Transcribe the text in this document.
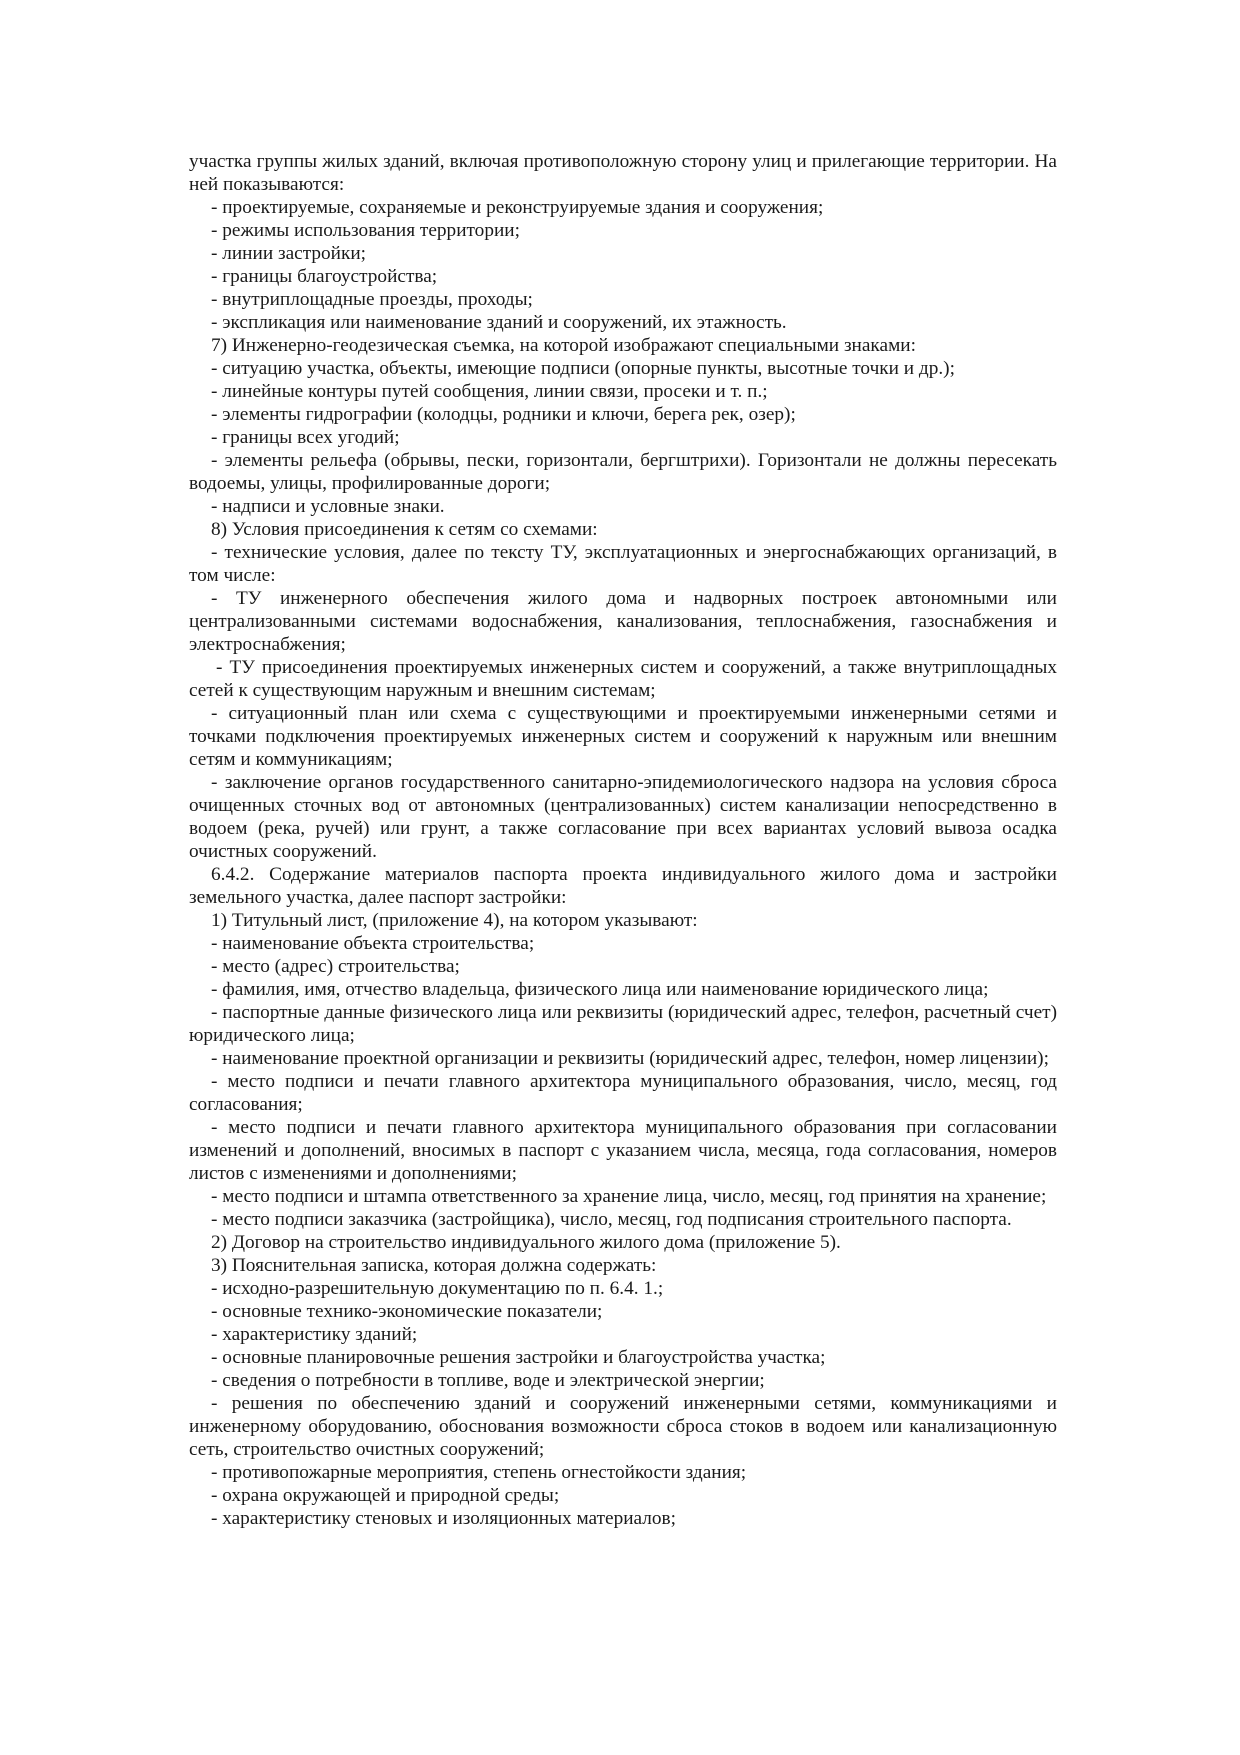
участка группы жилых зданий, включая противоположную сторону улиц и прилегающие территории. На ней показываются:

- проектируемые, сохраняемые и реконструируемые здания и сооружения;

- режимы использования территории;

- линии застройки;

- границы благоустройства;

- внутриплощадные проезды, проходы;

- экспликация или наименование зданий и сооружений, их этажность.

7) Инженерно-геодезическая съемка, на которой изображают специальными знаками:

- ситуацию участка, объекты, имеющие подписи (опорные пункты, высотные точки и др.);

- линейные контуры путей сообщения, линии связи, просеки и т. п.;

- элементы гидрографии (колодцы, родники и ключи, берега рек, озер);

- границы всех угодий;

- элементы рельефа (обрывы, пески, горизонтали, бергштрихи). Горизонтали не должны пересекать водоемы, улицы, профилированные дороги;

- надписи и условные знаки.

8) Условия присоединения к сетям со схемами:

- технические условия, далее по тексту ТУ, эксплуатационных и энергоснабжающих организаций, в том числе:

- ТУ инженерного обеспечения жилого дома и надворных построек автономными или централизованными системами водоснабжения, канализования, теплоснабжения, газоснабжения и электроснабжения;

- ТУ присоединения проектируемых инженерных систем и сооружений, а также внутриплощадных сетей к существующим наружным и внешним системам;

- ситуационный план или схема с существующими и проектируемыми инженерными сетями и точками подключения проектируемых инженерных систем и сооружений к наружным или внешним сетям и коммуникациям;

- заключение органов государственного санитарно-эпидемиологического надзора на условия сброса очищенных сточных вод от автономных (централизованных) систем канализации непосредственно в водоем (река, ручей) или грунт, а также согласование при всех вариантах условий вывоза осадка очистных сооружений.

6.4.2. Содержание материалов паспорта проекта индивидуального жилого дома и застройки земельного участка, далее паспорт застройки:

1) Титульный лист, (приложение 4), на котором указывают:

- наименование объекта строительства;

- место (адрес) строительства;

- фамилия, имя, отчество владельца, физического лица или наименование юридического лица;

- паспортные данные физического лица или реквизиты (юридический адрес, телефон, расчетный счет) юридического лица;

- наименование проектной организации и реквизиты (юридический адрес, телефон, номер лицензии);

- место подписи и печати главного архитектора муниципального образования, число, месяц, год согласования;

- место подписи и печати главного архитектора муниципального образования при согласовании изменений и дополнений, вносимых в паспорт с указанием числа, месяца, года согласования, номеров листов с изменениями и дополнениями;

- место подписи и штампа ответственного за хранение лица, число, месяц, год принятия на хранение;

- место подписи заказчика (застройщика), число, месяц, год подписания строительного паспорта.

2) Договор на строительство индивидуального жилого дома (приложение 5).

3) Пояснительная записка, которая должна содержать:

- исходно-разрешительную документацию по п. 6.4. 1.;

- основные технико-экономические показатели;

- характеристику зданий;

- основные планировочные решения застройки и благоустройства участка;

- сведения о потребности в топливе, воде и электрической энергии;

- решения по обеспечению зданий и сооружений инженерными сетями, коммуникациями и инженерному оборудованию, обоснования возможности сброса стоков в водоем или канализационную сеть, строительство очистных сооружений;

- противопожарные мероприятия, степень огнестойкости здания;

- охрана окружающей и природной среды;

- характеристику стеновых и изоляционных материалов;
